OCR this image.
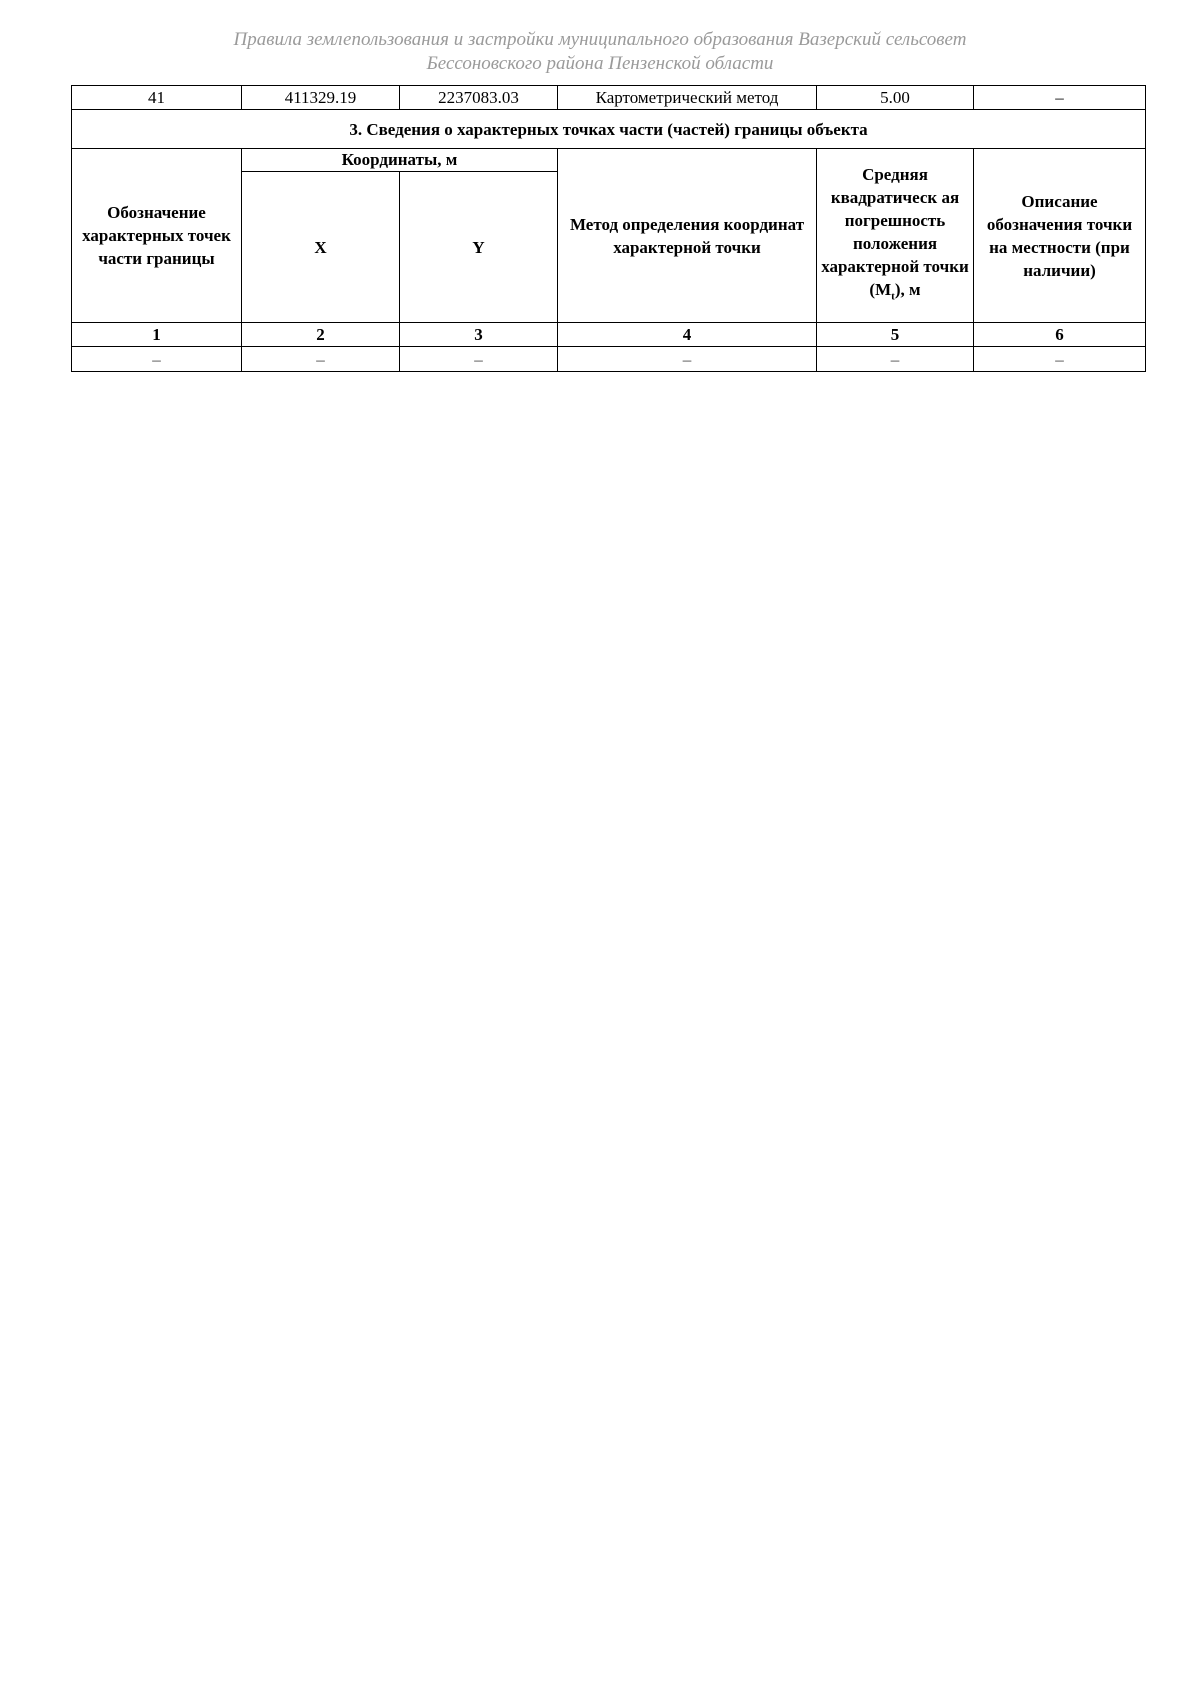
Правила землепользования и застройки муниципального образования Вазерский сельсовет
Бессоновского района Пензенской области
41	411329.19	2237083.03	Картометрический метод	5.00	–
3. Сведения о характерных точках части (частей) границы объекта					
Обозначение характерных точек части границы	Координаты, м		Метод определения координат характерной точки	Средняя квадратическ ая погрешность положения характерной точки $(M_t)$, м	Описание обозначения точки на местности (при наличии)
	X	Y			
1	2	3	4	5	6
–	–	–	–	–	–
